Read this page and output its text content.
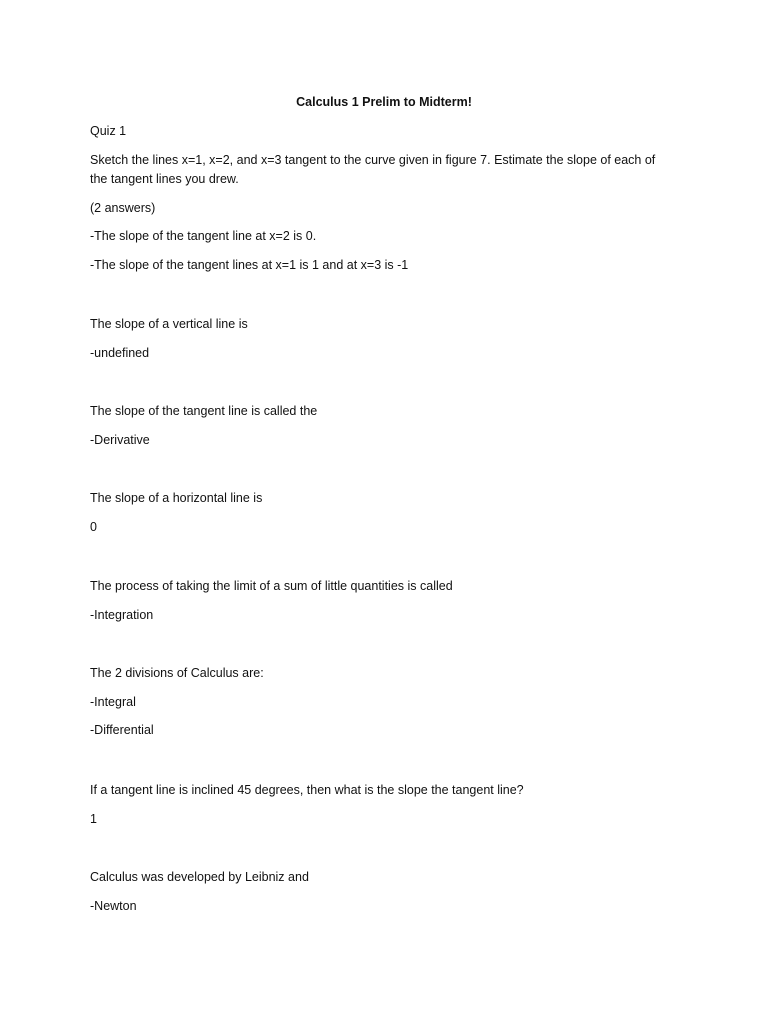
Calculus 1 Prelim to Midterm!
Quiz 1
Sketch the lines x=1, x=2, and x=3 tangent to the curve given in figure 7. Estimate the slope of each of the tangent lines you drew.
(2 answers)
-The slope of the tangent line at x=2 is 0.
-The slope of the tangent lines at x=1 is 1 and at x=3 is -1
The slope of a vertical line is
-undefined
The slope of the tangent line is called the
-Derivative
The slope of a horizontal line is
0
The process of taking the limit of a sum of little quantities is called
-Integration
The 2 divisions of Calculus are:
-Integral
-Differential
If a tangent line is inclined 45 degrees, then what is the slope the tangent line?
1
Calculus was developed by Leibniz and
-Newton
